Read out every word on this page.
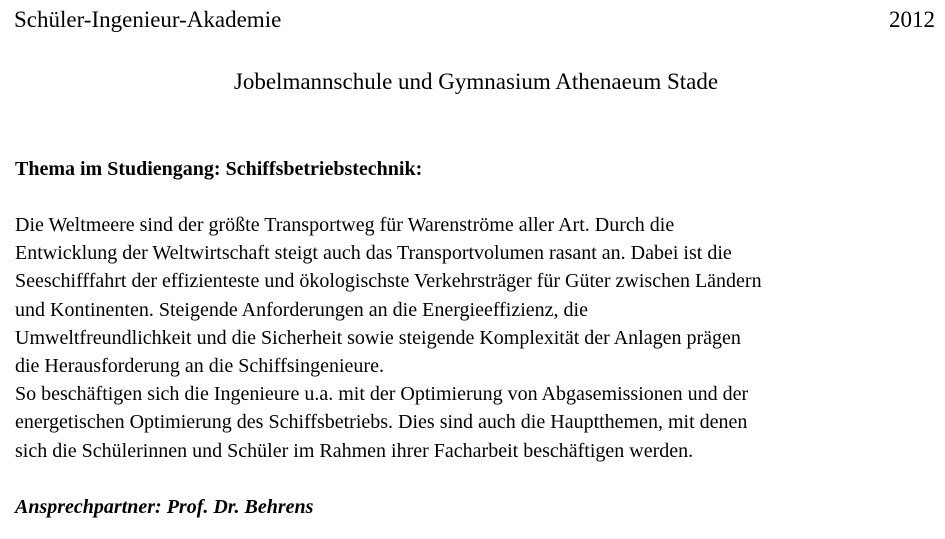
Schüler-Ingenieur-Akademie	2012
Jobelmannschule und Gymnasium Athenaeum Stade
Thema im Studiengang: Schiffsbetriebstechnik:
Die Weltmeere sind der größte Transportweg für Warenströme aller Art. Durch die
Entwicklung der Weltwirtschaft steigt auch das Transportvolumen rasant an. Dabei ist die
Seeschifffahrt der effizienteste und ökologischste Verkehrsträger für Güter zwischen Ländern
und Kontinenten. Steigende Anforderungen an die Energieeffizienz, die
Umweltfreundlichkeit und die Sicherheit sowie steigende Komplexität der Anlagen prägen
die Herausforderung an die Schiffsingenieure.
So beschäftigen sich die Ingenieure u.a. mit der Optimierung von Abgasemissionen und der
energetischen Optimierung des Schiffsbetriebs. Dies sind auch die Hauptthemen, mit denen
sich die Schülerinnen und Schüler im Rahmen ihrer Facharbeit beschäftigen werden.
Ansprechpartner: Prof. Dr. Behrens
